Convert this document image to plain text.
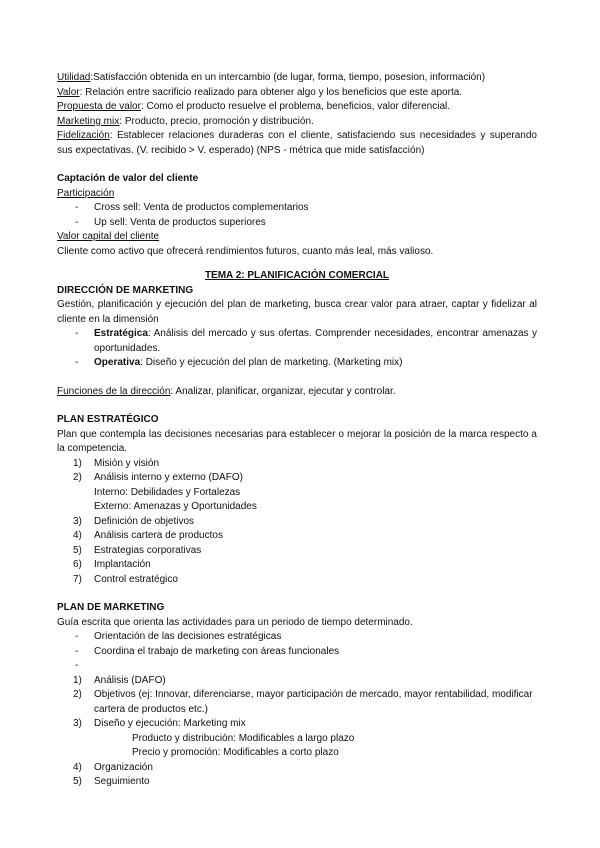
Utilidad:Satisfacción obtenida en un intercambio (de lugar, forma, tiempo, posesion, información)

Valor: Relación entre sacrificio realizado para obtener algo y los beneficios que este aporta.

Propuesta de valor: Como el producto resuelve el problema, beneficios, valor diferencial.

Marketing mix: Producto, precio, promoción y distribución.

Fidelización: Establecer relaciones duraderas con el cliente, satisfaciendo sus necesidades y superando sus expectativas. (V. recibido > V. esperado) (NPS - métrica que mide satisfacción)

Captación de valor del cliente

Participación

- Cross sell: Venta de productos complementarios

- Up sell: Venta de productos superiores

Valor capital del cliente

Cliente como activo que ofrecerá rendimientos futuros, cuanto más leal, más valioso.

TEMA 2: PLANIFICACIÓN COMERCIAL

DIRECCIÓN DE MARKETING

Gestión, planificación y ejecución del plan de marketing, busca crear valor para atraer, captar y fidelizar al cliente en la dimensión

- Estratégica: Análisis del mercado y sus ofertas. Comprender necesidades, encontrar amenazas y oportunidades.

- Operativa: Diseño y ejecución del plan de marketing. (Marketing mix)

Funciones de la dirección: Analizar, planificar, organizar, ejecutar y controlar.

PLAN ESTRATÉGICO

Plan que contempla las decisiones necesarias para establecer o mejorar la posición de la marca respecto a la competencia.

1) Misión y visión

2) Análisis interno y externo (DAFO)

Interno: Debilidades y Fortalezas

Externo: Amenazas y Oportunidades

3) Definición de objetivos

4) Análisis cartera de productos

5) Estrategias corporativas

6) Implantación

7) Control estratégico

PLAN DE MARKETING

Guía escrita que orienta las actividades para un periodo de tiempo determinado.

- Orientación de las decisiones estratégicas

- Coordina el trabajo de marketing con áreas funcionales

-

1) Análisis (DAFO)

2) Objetivos (ej: Innovar, diferenciarse, mayor participación de mercado, mayor rentabilidad, modificar cartera de productos etc.)

3) Diseño y ejecución: Marketing mix

Producto y distribución: Modificables a largo plazo

Precio y promoción: Modificables a corto plazo

4) Organización

5) Seguimiento
